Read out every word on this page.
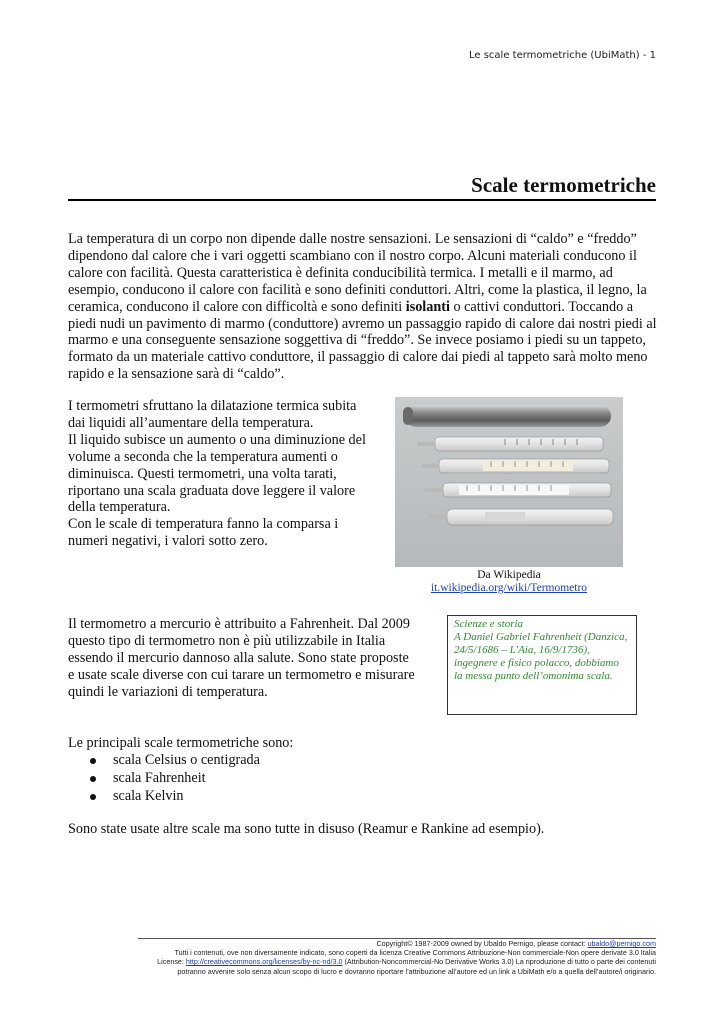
Le scale termometriche (UbiMath) - 1
Scale termometriche
La temperatura di un corpo non dipende dalle nostre sensazioni. Le sensazioni di “caldo” e “freddo” dipendono dal calore che i vari oggetti scambiano con il nostro corpo. Alcuni materiali conducono il calore con facilità. Questa caratteristica è definita conducibilità termica. I metalli e il marmo, ad esempio, conducono il calore con facilità e sono definiti conduttori. Altri, come la plastica, il legno, la ceramica, conducono il calore con difficoltà e sono definiti isolanti o cattivi conduttori. Toccando a piedi nudi un pavimento di marmo (conduttore) avremo un passaggio rapido di calore dai nostri piedi al marmo e una conseguente sensazione soggettiva di “freddo”. Se invece posiamo i piedi su un tappeto, formato da un materiale cattivo conduttore, il passaggio di calore dai piedi al tappeto sarà molto meno rapido e la sensazione sarà di “caldo”.
I termometri sfruttano la dilatazione termica subita dai liquidi all’aumentare della temperatura.
Il liquido subisce un aumento o una diminuzione del volume a seconda che la temperatura aumenti o diminuisca. Questi termometri, una volta tarati, riportano una scala graduata dove leggere il valore della temperatura.
Con le scale di temperatura fanno la comparsa i numeri negativi, i valori sotto zero.
Da Wikipedia
it.wikipedia.org/wiki/Termometro
Il termometro a mercurio è attribuito a Fahrenheit. Dal 2009 questo tipo di termometro non è più utilizzabile in Italia essendo il mercurio dannoso alla salute. Sono state proposte e usate scale diverse con cui tarare un termometro e misurare quindi le variazioni di temperatura.
Scienze e storia
A Daniel Gabriel Fahrenheit (Danzica, 24/5/1686 – L'Aia, 16/9/1736), ingegnere e fisico polacco, dobbiamo la messa punto dell’omonima scala.
Le principali scale termometriche sono:
scala Celsius o centigrada
scala Fahrenheit
scala Kelvin
Sono state usate altre scale ma sono tutte in disuso (Reamur e Rankine ad esempio).
Copyright© 1987-2009 owned by Ubaldo Pernigo, please contact: ubaldo@pernigo.com
Tutti i contenuti, ove non diversamente indicato, sono coperti da licenza Creative Commons Attribuzione-Non commerciale-Non opere derivate 3.0 Italia
License: http://creativecommons.org/licenses/by-nc-nd/3.0 (Attribution-Noncommercial-No Derivative Works 3.0) La riproduzione di tutto o parte dei contenuti
potranno avvenire solo senza alcun scopo di lucro e dovranno riportare l’attribuzione all’autore ed un link a UbiMath e/o a quella dell’autore/i originario.
